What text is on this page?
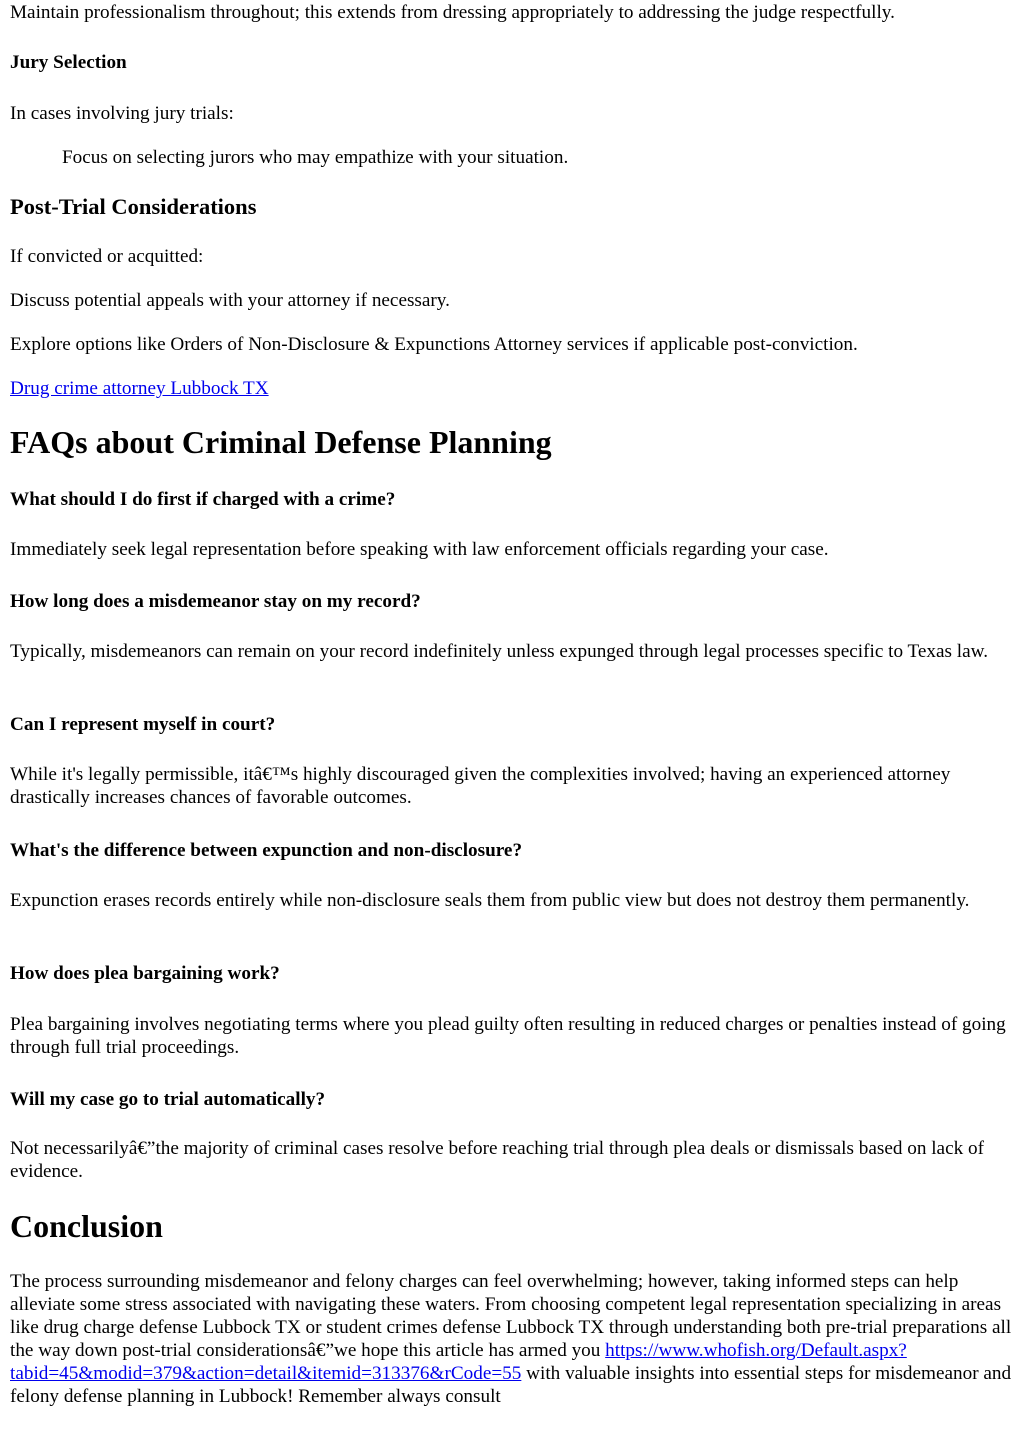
Maintain professionalism throughout; this extends from dressing appropriately to addressing the judge respectfully.

Jury Selection

In cases involving jury trials:

Focus on selecting jurors who may empathize with your situation.

Post-Trial Considerations

If convicted or acquitted:

Discuss potential appeals with your attorney if necessary.

Explore options like Orders of Non-Disclosure & Expunctions Attorney services if applicable post-conviction.

Drug crime attorney Lubbock TX

FAQs about Criminal Defense Planning

What should I do first if charged with a crime?

Immediately seek legal representation before speaking with law enforcement officials regarding your case.

How long does a misdemeanor stay on my record?

Typically, misdemeanors can remain on your record indefinitely unless expunged through legal processes specific to Texas law.

Can I represent myself in court?

While it's legally permissible, itâ€™s highly discouraged given the complexities involved; having an experienced attorney drastically increases chances of favorable outcomes.

What's the difference between expunction and non-disclosure?

Expunction erases records entirely while non-disclosure seals them from public view but does not destroy them permanently.

How does plea bargaining work?

Plea bargaining involves negotiating terms where you plead guilty often resulting in reduced charges or penalties instead of going through full trial proceedings.

Will my case go to trial automatically?

Not necessarilyâ€”the majority of criminal cases resolve before reaching trial through plea deals or dismissals based on lack of evidence.

Conclusion

The process surrounding misdemeanor and felony charges can feel overwhelming; however, taking informed steps can help alleviate some stress associated with navigating these waters. From choosing competent legal representation specializing in areas like drug charge defense Lubbock TX or student crimes defense Lubbock TX through understanding both pre-trial preparations all the way down post-trial considerationsâ€”we hope this article has armed you https://www.whofish.org/Default.aspx?tabid=45&modid=379&action=detail&itemid=313376&rCode=55 with valuable insights into essential steps for misdemeanor and felony defense planning in Lubbock! Remember always consult
